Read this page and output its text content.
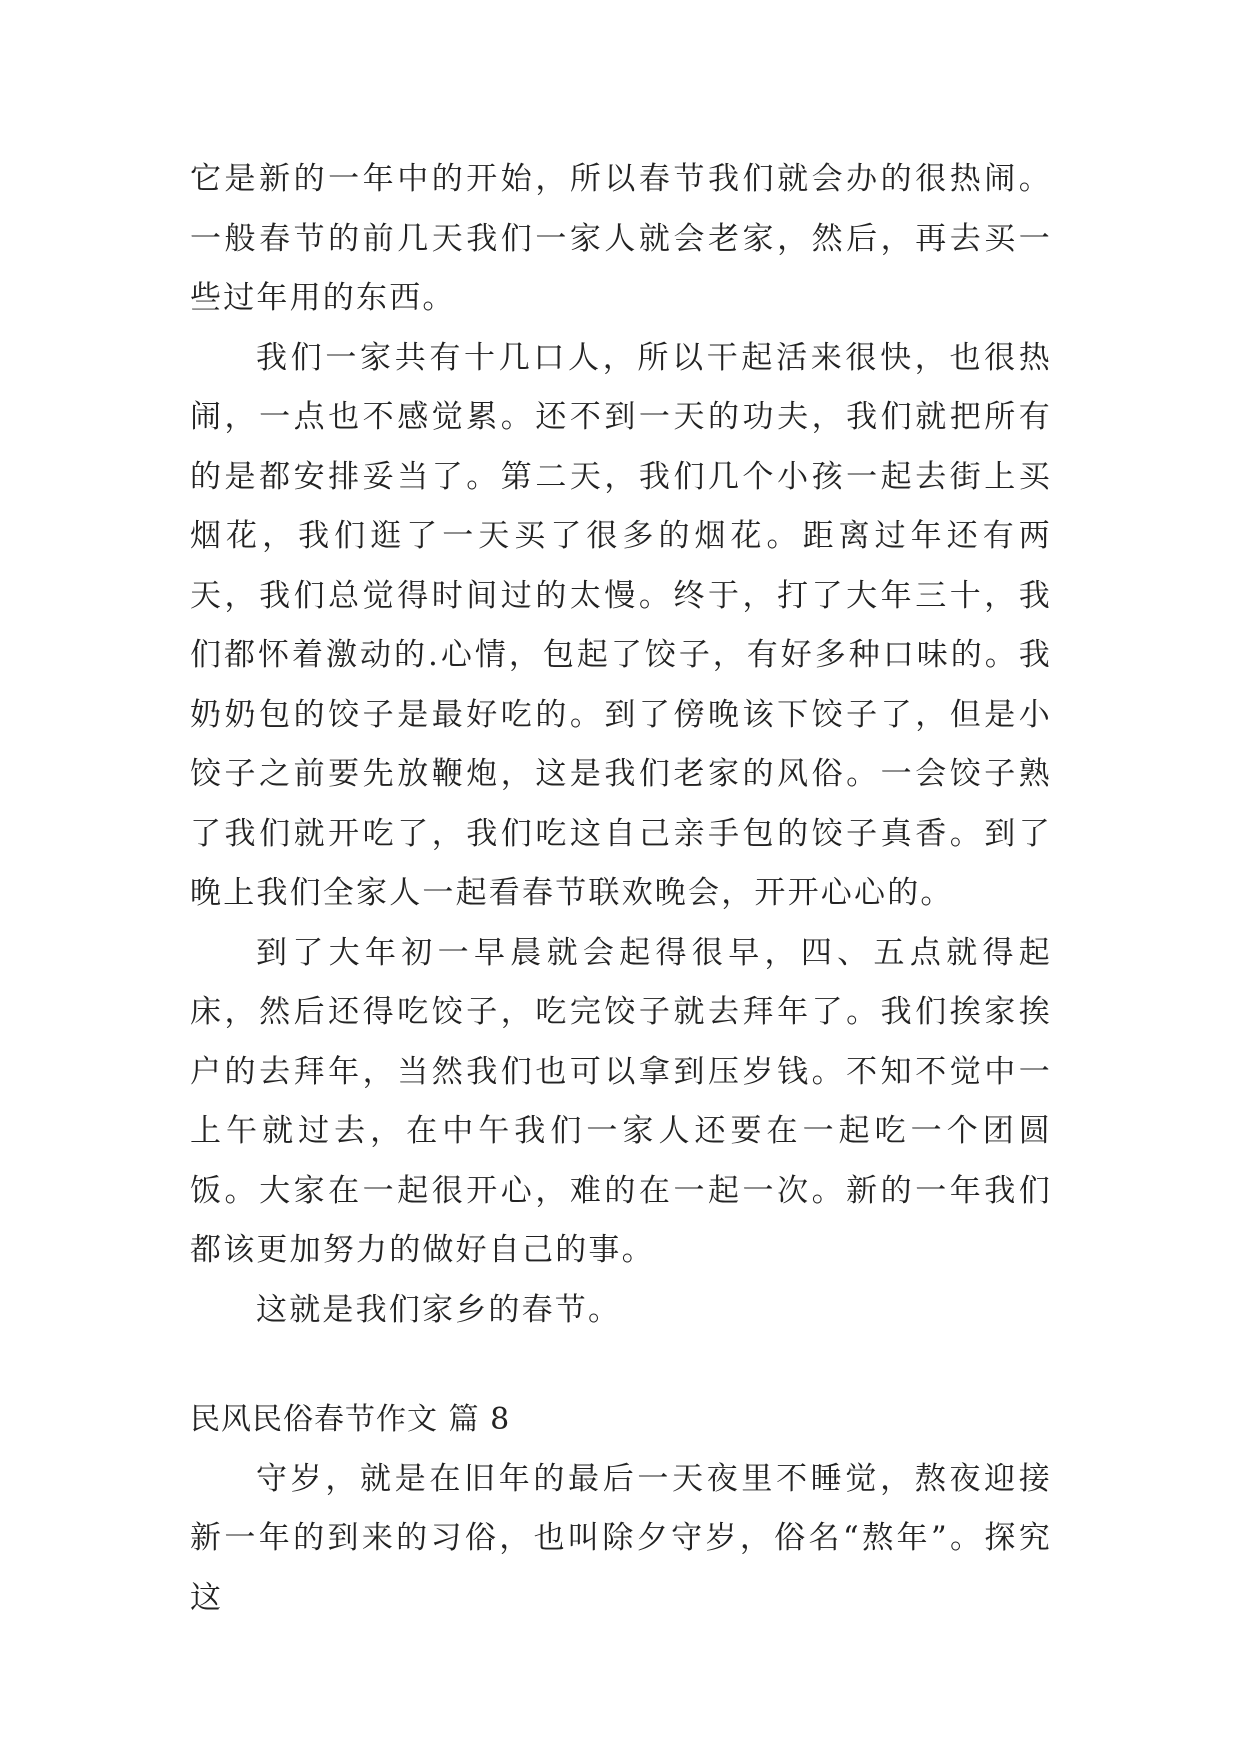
它是新的一年中的开始，所以春节我们就会办的很热闹。一般春节的前几天我们一家人就会老家，然后，再去买一些过年用的东西。

我们一家共有十几口人，所以干起活来很快，也很热闹，一点也不感觉累。还不到一天的功夫，我们就把所有的是都安排妥当了。第二天，我们几个小孩一起去街上买烟花，我们逛了一天买了很多的烟花。距离过年还有两天，我们总觉得时间过的太慢。终于，打了大年三十，我们都怀着激动的.心情，包起了饺子，有好多种口味的。我奶奶包的饺子是最好吃的。到了傍晚该下饺子了，但是小饺子之前要先放鞭炮，这是我们老家的风俗。一会饺子熟了我们就开吃了，我们吃这自己亲手包的饺子真香。到了晚上我们全家人一起看春节联欢晚会，开开心心的。

到了大年初一早晨就会起得很早，四、五点就得起床，然后还得吃饺子，吃完饺子就去拜年了。我们挨家挨户的去拜年，当然我们也可以拿到压岁钱。不知不觉中一上午就过去，在中午我们一家人还要在一起吃一个团圆饭。大家在一起很开心，难的在一起一次。新的一年我们都该更加努力的做好自己的事。

这就是我们家乡的春节。

民风民俗春节作文 篇 8

守岁，就是在旧年的最后一天夜里不睡觉，熬夜迎接新一年的到来的习俗，也叫除夕守岁，俗名“熬年”。探究这
